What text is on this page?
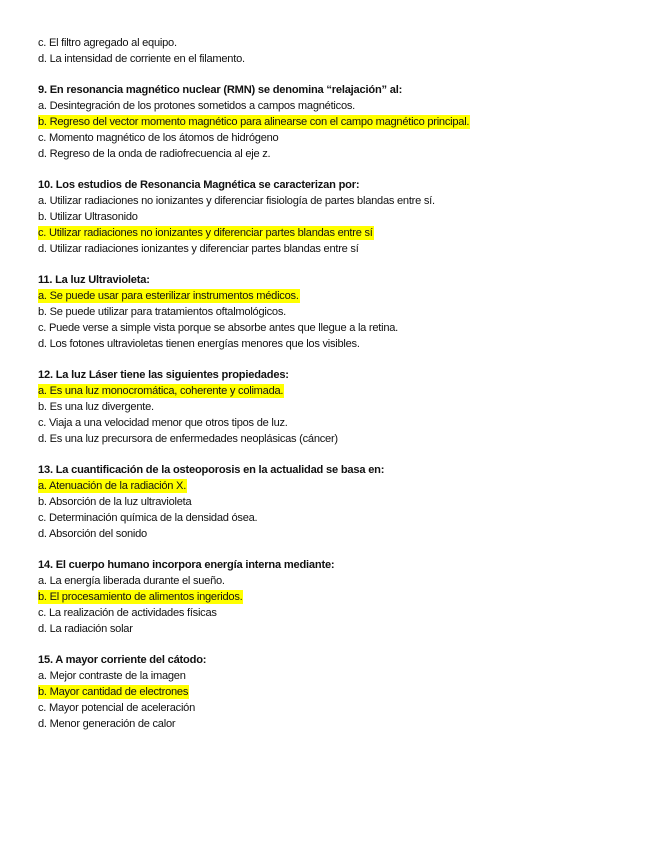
c. El filtro agregado al equipo.
d. La intensidad de corriente en el filamento.
9. En resonancia magnético nuclear (RMN) se denomina “relajación” al:
a. Desintegración de los protones sometidos a campos magnéticos.
b. Regreso del vector momento magnético para alinearse con el campo magnético principal.
c. Momento magnético de los átomos de hidrógeno
d. Regreso de la onda de radiofrecuencia al eje z.
10. Los estudios de Resonancia Magnética se caracterizan por:
a. Utilizar radiaciones no ionizantes y diferenciar fisiología de partes blandas entre sí.
b. Utilizar Ultrasonido
c. Utilizar radiaciones no ionizantes y diferenciar partes blandas entre sí
d. Utilizar radiaciones ionizantes y diferenciar partes blandas entre sí
11. La luz Ultravioleta:
a. Se puede usar para esterilizar instrumentos médicos.
b. Se puede utilizar para tratamientos oftalmológicos.
c. Puede verse a simple vista porque se absorbe antes que llegue a la retina.
d. Los fotones ultravioletas tienen energías menores que los visibles.
12. La luz Láser tiene las siguientes propiedades:
a. Es una luz monocromática, coherente y colimada.
b. Es una luz divergente.
c. Viaja a una velocidad menor que otros tipos de luz.
d. Es una luz precursora de enfermedades neoplásicas (cáncer)
13. La cuantificación de la osteoporosis en la actualidad se basa en:
a. Atenuación de la radiación X.
b. Absorción de la luz ultravioleta
c. Determinación química de la densidad ósea.
d. Absorción del sonido
14. El cuerpo humano incorpora energía interna mediante:
a. La energía liberada durante el sueño.
b. El procesamiento de alimentos ingeridos.
c. La realización de actividades físicas
d. La radiación solar
15. A mayor corriente del cátodo:
a. Mejor contraste de la imagen
b. Mayor cantidad de electrones
c. Mayor potencial de aceleración
d. Menor generación de calor
